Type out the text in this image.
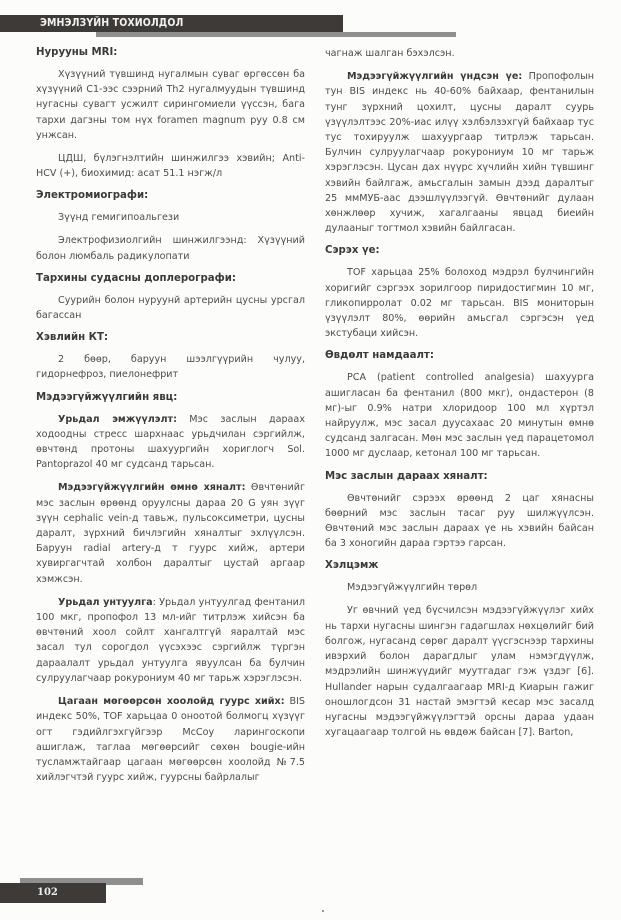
ЭМНЭЛЗҮЙН ТОХИОЛДОЛ
Нурууны MRI:

Хүзүүний түвшинд нугалмын суваг өргөссөн ба хүзүүний С1-ээс сээрний Th2 нугалмуудын түвшинд нугасны сувагт усжилт сирингомиели үүссэн, бага тархи дагзны том нүх foramen magnum руу 0.8 см унжсан.

ЦДШ, бүлэгнэлтийн шинжилгээ хэвийн; Anti-HCV (+), биохимид: асат 51.1 нэгж/л

Электромиографи:

Зүүнд гемигипоальгези

Электрофизиолгийн шинжилгээнд: Хүзүүний болон люмбаль радикулопати

Тархины судасны доплерографи:

Суурийн болон нуруунй артерийн цусны урсгал багассан

Хэвлийн КТ:

2 бөөр, баруун шээлгүүрийн чулуу, гидорнефроз, пиелонефрит

Мэдээгүйжүүлгийн явц:

Урьдал эмжүүлэлт: Мэс заслын дараах ходоодны стресс шархнаас урьдчилан сэргийлж, өвчтөнд протоны шахуургийн хориглогч Sol. Pantoprazol 40 мг судсанд тарьсан.

Мэдээгүйжүүлгийн өмнө хяналт: Өвчтөнийг мэс заслын өрөөнд оруулсны дараа 20 G уян зүүг зүүн cephalic vein-д тавьж, пульсоксиметри, цусны даралт, зүрхний бичлэгийн хяналтыг эхлүүлсэн. Баруун radial artery-д т гуурс хийж, артери хувиргагчтай холбон даралтыг цустай аргаар хэмжсэн.

Урьдал унтуулга: Урьдал унтуулгад фентанил 100 мкг, пропофол 13 мл-ийг титрлэж хийсэн ба өвчтөний хоол сойлт хангалтгүй яаралтай мэс засал тул сорогдол үүсэхээс сэргийлж түргэн дараалалт урьдал унтуулга явуулсан ба булчин сулруулагчаар рокурониум 40 мг тарьж хэрэглэсэн.

Цагаан мөгөөрсөн хоолойд гуурс хийх: BIS индекс 50%, TOF харьцаа 0 оноотой болмогц хүзүүг огт гэдийлгэхгүйгээр McCoy ларингоскопи ашиглаж, таглаа мөгөөрсийг сөхөн bougie-ийн тусламжтайгаар цагаан мөгөөрсөн хоолойд №7.5 хийлэгчтэй гуурс хийж, гуурсны байрлалыг

чагнаж шалган бэхэлсэн.

Мэдээгүйжүүлгийн үндсэн үе: Пропофолын тун BIS индекс нь 40-60% байхаар, фентанилын тунг зүрхний цохилт, цусны даралт суурь үзүүлэлтээс 20%-иас илүү хэлбэлзэхгүй байхаар тус тус тохируулж шахуургаар титрлэж тарьсан. Булчин сулруулагчаар рокурониум 10 мг тарьж хэрэглэсэн. Цусан дах нүүрс хүчлийн хийн түвшинг хэвийн байлгаж, амьсгалын замын дээд даралтыг 25 ммМУБ-аас дээшлүүлээгүй. Өвчтөнийг дулаан хөнжлөөр хучиж, хагалгааны явцад биеийн дулааныг тогтмол хэвийн байлгасан.

Сэрэх үе:

TOF харьцаа 25% болоход мэдрэл булчингийн хоригийг сэргээх зорилгоор пиридостигмин 10 мг, гликопирролат 0.02 мг тарьсан. BIS мониторын үзүүлэлт 80%, өөрийн амьсгал сэргэсэн үед экстубаци хийсэн.

Өвдөлт намдаалт:

PCA (patient controlled analgesia) шахуурга ашигласан ба фентанил (800 мкг), ондастерон (8 мг)-ыг 0.9% натри хлоридоор 100 мл хүртэл найруулж, мэс засал дуусахаас 20 минутын өмнө судсанд залгасан. Мөн мэс заслын үед парацетомол 1000 мг дуслаар, кетонал 100 мг тарьсан.

Мэс заслын дараах хяналт:

Өвчтөнийг сэрээх өрөөнд 2 цаг хянасны бөөрний мэс заслын тасаг руу шилжүүлсэн. Өвчтөний мэс заслын дараах үе нь хэвийн байсан ба 3 хоногийн дараа гэртээ гарсан.

Хэлцэмж

Мэдээгүйжүүлгийн төрөл

Уг өвчний үед бүсчилсэн мэдээгүйжүүлэг хийх нь тархи нугасны шингэн гадагшлах нөхцөлийг бий болгож, нугасанд сөрөг даралт үүсгэснээр тархины ивэрхий болон дарагдлыг улам нэмэгдүүлж, мэдрэлийн шинжүүдийг муутгадаг гэж үздэг [6]. Hullander нарын судалгаагаар MRI-д Киарын гажиг оношлогдсон 31 настай эмэгтэй кесар мэс засалд нугасны мэдээгүйжүүлэгтэй орсны дараа удаан хугацаагаар толгой нь өвдөж байсан [7]. Barton,

102
